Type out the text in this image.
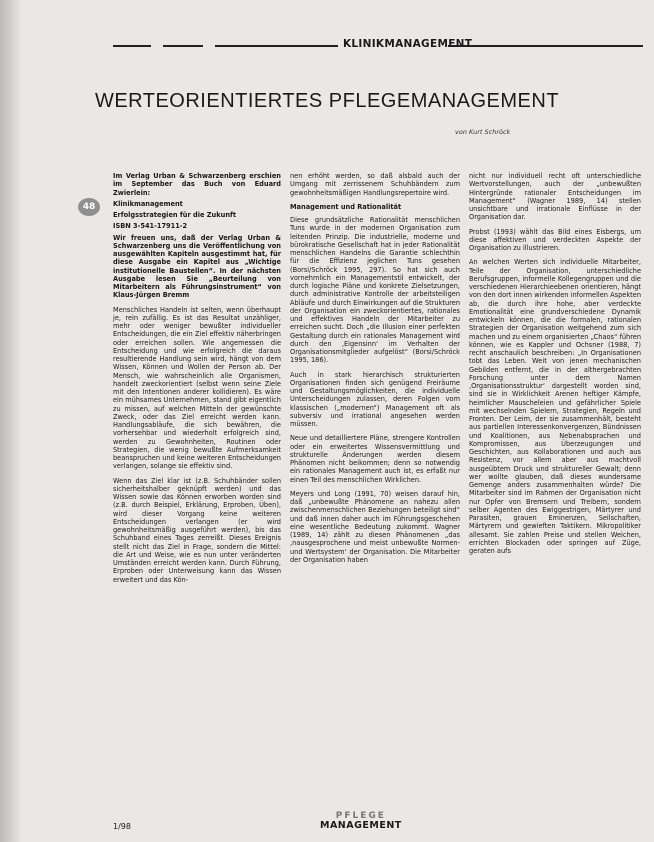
KLINIKMANAGEMENT
WERTEORIENTIERTES PFLEGEMANAGEMENT
von Kurt Schröck
48

Im Verlag Urban & Schwarzenberg erschien im September das Buch von Eduard Zwierlein:

Klinikmanagement

Erfolgsstrategien für die Zukunft

ISBN 3-541-17911-2

Wir freuen uns, daß der Verlag Urban & Schwarzenberg uns die Veröffentlichung von ausgewählten Kapiteln ausgestimmt hat, für diese Ausgabe ein Kapitel aus „Wichtige institutionelle Baustellen“. In der nächsten Ausgabe lesen Sie „Beurteilung von Mitarbeitern als Führungsinstrument“ von Klaus-Jürgen Bremm

Menschliches Handeln ist selten, wenn überhaupt je, rein zufällig. Es ist das Resultat unzähliger, mehr oder weniger bewußter individueller Entscheidungen, die ein Ziel effektiv näherbringen oder erreichen sollen. Wie angemessen die Entscheidung und wie erfolgreich die daraus resultierende Handlung sein wird, hängt von dem Wissen, Können und Wollen der Person ab. Der Mensch, wie wahrscheinlich alle Organismen, handelt zweckorientiert (selbst wenn seine Ziele mit den Intentionen anderer kollidieren). Es wäre ein mühsames Unternehmen, stand gibt eigentlich zu missen, auf welchen Mitteln der gewünschte Zweck, oder das Ziel erreicht werden kann. Handlungsabläufe, die sich bewähren, die vorhersehbar und wiederholt erfolgreich sind, werden zu Gewohnheiten, Routinen oder Strategien, die wenig bewußte Aufmerksamkeit beanspruchen und keine weiteren Entscheidungen verlangen, solange sie effektiv sind.

Wenn das Ziel klar ist (z.B. Schuhbänder sollen sicherheitshalber geknüpft werden) und das Wissen sowie das Können erworben worden sind (z.B. durch Beispiel, Erklärung, Erproben, Üben), wird dieser Vorgang keine weiteren Entscheidungen verlangen (er wird gewohnheitsmäßig ausgeführt werden), bis das Schuhband eines Tages zerreißt. Dieses Ereignis stellt nicht das Ziel in Frage, sondern die Mittel: die Art und Weise, wie es nun unter veränderten Umständen erreicht werden kann. Durch Führung, Erproben oder Unterweisung kann das Wissen erweitert und das Kön-

nen erhöht werden, so daß alsbald auch der Umgang mit zerrissenem Schuhbändern zum gewohnheitsmäßigen Handlungsrepertoire wird.

Management und Rationalität

Diese grundsätzliche Rationalität menschlichen Tuns wurde in der modernen Organisation zum leitenden Prinzip. Die industrielle, moderne und bürokratische Gesellschaft hat in jeder Rationalität menschlichen Handelns die Garantie schlechthin für die Effizienz jeglichen Tuns gesehen (Borsi/Schröck 1995, 297). So hat sich auch vornehmlich ein Managementstil entwickelt, der durch logische Pläne und konkrete Zielsetzungen, durch administrative Kontrolle der arbeitsteiligen Abläufe und durch Einwirkungen auf die Strukturen der Organisation ein zweckorientiertes, rationales und effektives Handeln der Mitarbeiter zu erreichen sucht. Doch „die Illusion einer perfekten Gestaltung durch ein rationales Management wird durch den ‚Eigensinn‘ im Verhalten der Organisationsmitglieder aufgelöst“ (Borsi/Schröck 1995, 186).

Auch in stark hierarchisch strukturierten Organisationen finden sich genügend Freiräume und Gestaltungsmöglichkeiten, die individuelle Unterscheidungen zulassen, deren Folgen vom klassischen („modernen“) Management oft als subversiv und irrational angesehen werden müssen.

Neue und detailliertere Pläne, strengere Kontrollen oder ein erweitertes Wissensvermittlung und strukturelle Änderungen werden diesem Phänomen nicht beikommen; denn so notwendig ein rationales Management auch ist, es erfaßt nur einen Teil des menschlichen Wirklichen.

Meyers und Long (1991, 70) weisen darauf hin, daß „unbewußte Phänomene an nahezu allen zwischenmenschlichen Beziehungen beteiligt sind“ und daß innen daher auch im Führungsgeschehen eine wesentliche Bedeutung zukommt. Wagner (1989, 14) zählt zu diesen Phänomenen „das ‚nausgesprochene und meist unbewußte Normen- und Wertsystem‘ der Organisation. Die Mitarbeiter der Organisation haben

nicht nur individuell recht oft unterschiedliche Wertvorstellungen, auch der „unbewußten Hintergründe rationaler Entscheidungen im Management“ (Wagner 1989, 14) stellen unsichtbare und irrationale Einflüsse in der Organisation dar.

Probst (1993) wählt das Bild eines Eisbergs, um diese affektiven und verdeckten Aspekte der Organisation zu illustrieren.

An welchen Werten sich individuelle Mitarbeiter, Teile der Organisation, unterschiedliche Berufsgruppen, informelle Kollegengruppen und die verschiedenen Hierarchieebenen orientieren, hängt von den dort innen wirkenden informellen Aspekten ab, die durch ihre hohe, aber verdeckte Emotionalität eine grundverschiedene Dynamik entwickeln können, die die formalen, rationalen Strategien der Organisation weitgehend zum sich machen und zu einem organisierten „Chaos“ führen können, wie es Kappler und Ochsner (1988, 7) recht anschaulich beschreiben: „In Organisationen tobt das Leben. Weit von jenen mechanischen Gebilden entfernt, die in der althergebrachten Forschung unter dem Namen ‚Organisationsstruktur‘ dargestellt worden sind, sind sie in Wirklichkeit Arenen heftiger Kämpfe, heimlicher Mauscheleien und gefährlicher Spiele mit wechselnden Spielern, Strategien, Regeln und Fronten. Der Leim, der sie zusammenhält, besteht aus partiellen Interessenkonvergenzen, Bündnissen und Koalitionen, aus Nebenabsprachen und Kompromissen, aus Überzeugungen und Geschichten, aus Kollaborationen und auch aus Resistenz, vor allem aber aus machtvoll ausgeübtem Druck und struktureller Gewalt; denn wer wollte glauben, daß dieses wundersame Gemenge anders zusammenhalten würde? Die Mitarbeiter sind im Rahmen der Organisation nicht nur Opfer von Bremsern und Treibern, sondern selber Agenten des Ewiggestrigen, Märtyrer und Parasiten, grauen Eminenzen, Seilschaften, Märtyrern und gewieften Taktikern. Mikropolitiker allesamt. Sie zahlen Preise und stellen Weichen, errichten Blockaden oder springen auf Züge, geraten aufs

1/98
PFLEGE
MANAGEMENT
